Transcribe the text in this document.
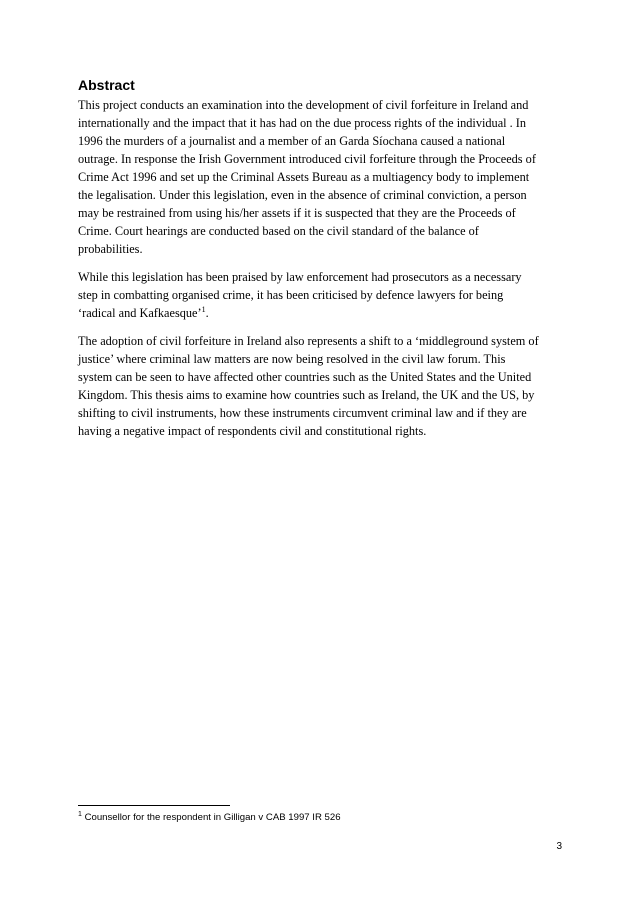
Abstract

This project conducts an examination into the development of civil forfeiture in Ireland and
internationally and the impact that it has had on the due process rights of the individual . In
1996 the murders of a journalist and a member of an Garda Síochana caused a national
outrage. In response the Irish Government introduced civil forfeiture through the Proceeds of
Crime Act 1996 and set up the Criminal Assets Bureau as a multiagency body to implement
the legalisation. Under this legislation, even in the absence of criminal conviction, a person
may be restrained from using his/her assets if it is suspected that they are the Proceeds of
Crime. Court hearings are conducted based on the civil standard of the balance of
probabilities.

While this legislation has been praised by law enforcement had prosecutors as a necessary
step in combatting organised crime, it has been criticised by defence lawyers for being
‘radical and Kafkaesque’$^1$.

The adoption of civil forfeiture in Ireland also represents a shift to a ‘middleground system of
justice’ where criminal law matters are now being resolved in the civil law forum. This
system can be seen to have affected other countries such as the United States and the United
Kingdom. This thesis aims to examine how countries such as Ireland, the UK and the US, by
shifting to civil instruments, how these instruments circumvent criminal law and if they are
having a negative impact of respondents civil and constitutional rights.

$^1$ Counsellor for the respondent in Gilligan v CAB 1997 IR 526
3
